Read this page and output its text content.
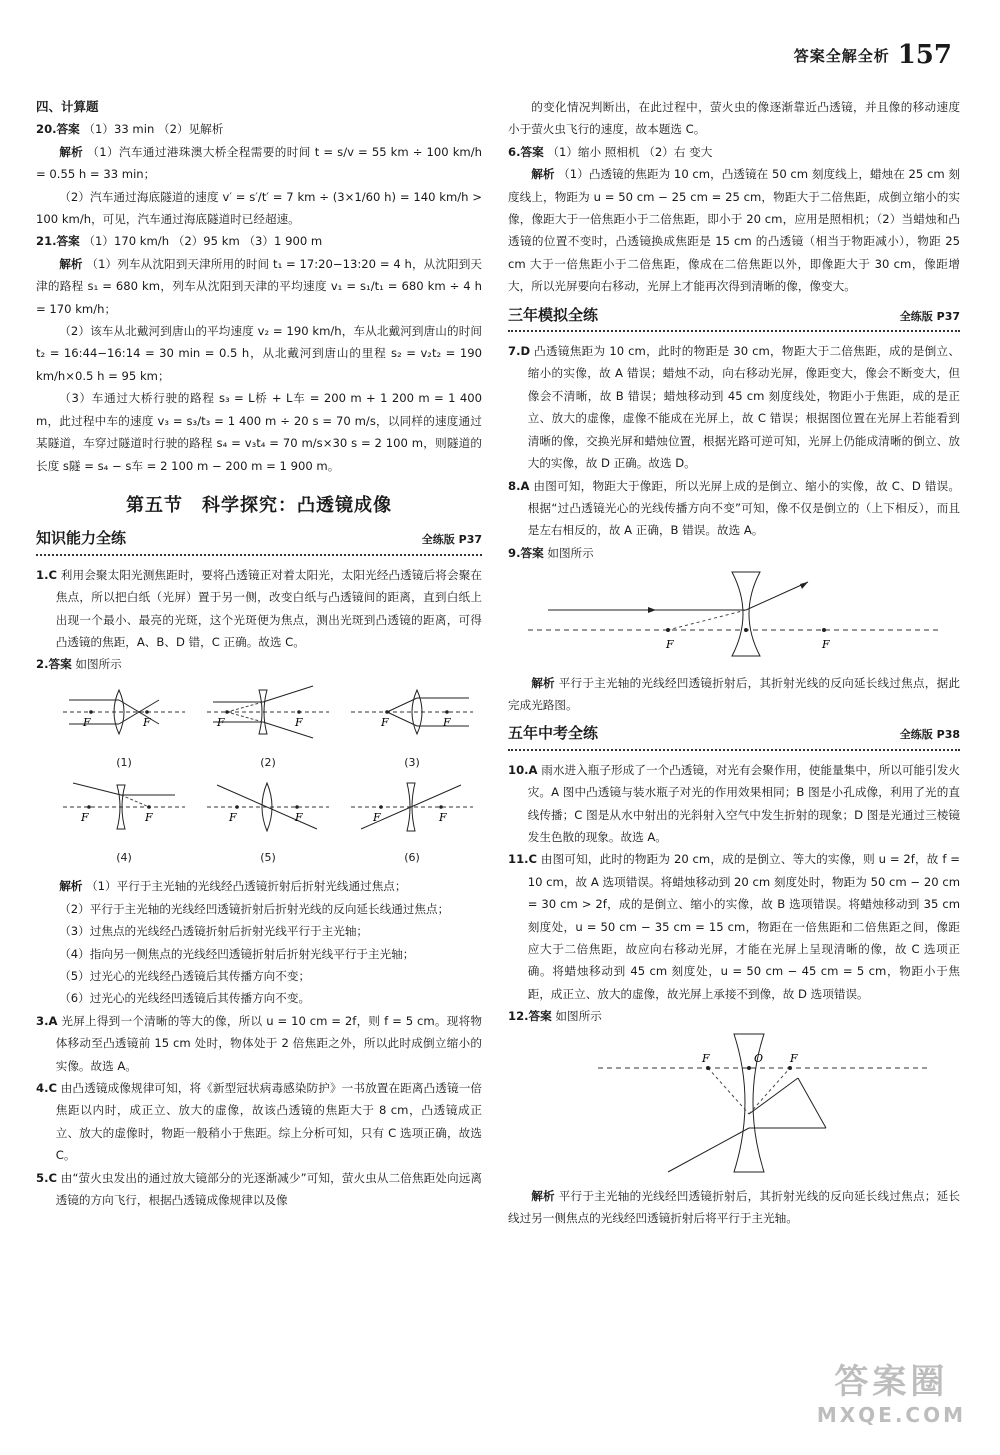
答案全解全析 157

四、计算题

20.答案 （1）33 min （2）见解析

解析 （1）汽车通过港珠澳大桥全程需要的时间 t = s/v = 55 km ÷ 100 km/h = 0.55 h = 33 min；

（2）汽车通过海底隧道的速度 v′ = s′/t′ = 7 km ÷ (3×1/60 h) = 140 km/h > 100 km/h，可见，汽车通过海底隧道时已经超速。

21.答案 （1）170 km/h （2）95 km （3）1 900 m

解析 （1）列车从沈阳到天津所用的时间 t₁ = 17:20−13:20 = 4 h，从沈阳到天津的路程 s₁ = 680 km，列车从沈阳到天津的平均速度 v₁ = s₁/t₁ = 680 km ÷ 4 h = 170 km/h；

（2）该车从北戴河到唐山的平均速度 v₂ = 190 km/h，车从北戴河到唐山的时间 t₂ = 16:44−16:14 = 30 min = 0.5 h，从北戴河到唐山的里程 s₂ = v₂t₂ = 190 km/h×0.5 h = 95 km；

（3）车通过大桥行驶的路程 s₃ = L桥 + L车 = 200 m + 1 200 m = 1 400 m，此过程中车的速度 v₃ = s₃/t₃ = 1 400 m ÷ 20 s = 70 m/s，以同样的速度通过某隧道，车穿过隧道时行驶的路程 s₄ = v₃t₄ = 70 m/s×30 s = 2 100 m，则隧道的长度 s隧 = s₄ − s车 = 2 100 m − 200 m = 1 900 m。

第五节　科学探究：凸透镜成像
知识能力全练	全练版 P37

1.C 利用会聚太阳光测焦距时，要将凸透镜正对着太阳光，太阳光经凸透镜后将会聚在焦点，所以把白纸（光屏）置于另一侧，改变白纸与凸透镜间的距离，直到白纸上出现一个最小、最亮的光斑，这个光斑便为焦点，测出光斑到凸透镜的距离，可得凸透镜的焦距，A、B、D 错，C 正确。故选 C。

2.答案 如图所示

F	F
(1)
F	F
(2)
F	F
(3)
F	F
(4)
F	F
(5)
F	F
(6)

解析 （1）平行于主光轴的光线经凸透镜折射后折射光线通过焦点；

（2）平行于主光轴的光线经凹透镜折射后折射光线的反向延长线通过焦点；

（3）过焦点的光线经凸透镜折射后折射光线平行于主光轴；

（4）指向另一侧焦点的光线经凹透镜折射后折射光线平行于主光轴；

（5）过光心的光线经凸透镜后其传播方向不变；

（6）过光心的光线经凹透镜后其传播方向不变。

3.A 光屏上得到一个清晰的等大的像，所以 u = 10 cm = 2f，则 f = 5 cm。现将物体移动至凸透镜前 15 cm 处时，物体处于 2 倍焦距之外，所以此时成倒立缩小的实像。故选 A。

4.C 由凸透镜成像规律可知，将《新型冠状病毒感染防护》一书放置在距离凸透镜一倍焦距以内时，成正立、放大的虚像，故该凸透镜的焦距大于 8 cm，凸透镜成正立、放大的虚像时，物距一般稍小于焦距。综上分析可知，只有 C 选项正确，故选 C。

5.C 由“萤火虫发出的通过放大镜部分的光逐渐减少”可知，萤火虫从二倍焦距处向远离透镜的方向飞行，根据凸透镜成像规律以及像

的变化情况判断出，在此过程中，萤火虫的像逐渐靠近凸透镜，并且像的移动速度小于萤火虫飞行的速度，故本题选 C。

6.答案 （1）缩小 照相机 （2）右 变大

解析 （1）凸透镜的焦距为 10 cm，凸透镜在 50 cm 刻度线上，蜡烛在 25 cm 刻度线上，物距为 u = 50 cm − 25 cm = 25 cm，物距大于二倍焦距，成倒立缩小的实像，像距大于一倍焦距小于二倍焦距，即小于 20 cm，应用是照相机；（2）当蜡烛和凸透镜的位置不变时，凸透镜换成焦距是 15 cm 的凸透镜（相当于物距减小），物距 25 cm 大于一倍焦距小于二倍焦距，像成在二倍焦距以外，即像距大于 30 cm，像距增大，所以光屏要向右移动，光屏上才能再次得到清晰的像，像变大。

三年模拟全练	全练版 P37

7.D 凸透镜焦距为 10 cm，此时的物距是 30 cm，物距大于二倍焦距，成的是倒立、缩小的实像，故 A 错误；蜡烛不动，向右移动光屏，像距变大，像会不断变大，但像会不清晰，故 B 错误；蜡烛移动到 45 cm 刻度线处，物距小于焦距，成的是正立、放大的虚像，虚像不能成在光屏上，故 C 错误；根据图位置在光屏上若能看到清晰的像，交换光屏和蜡烛位置，根据光路可逆可知，光屏上仍能成清晰的倒立、放大的实像，故 D 正确。故选 D。

8.A 由图可知，物距大于像距，所以光屏上成的是倒立、缩小的实像，故 C、D 错误。根据“过凸透镜光心的光线传播方向不变”可知，像不仅是倒立的（上下相反），而且是左右相反的，故 A 正确，B 错误。故选 A。

9.答案 如图所示

F	F

解析 平行于主光轴的光线经凹透镜折射后，其折射光线的反向延长线过焦点，据此完成光路图。

五年中考全练	全练版 P38

10.A 雨水进入瓶子形成了一个凸透镜，对光有会聚作用，使能量集中，所以可能引发火灾。A 图中凸透镜与装水瓶子对光的作用效果相同；B 图是小孔成像，利用了光的直线传播；C 图是从水中射出的光斜射入空气中发生折射的现象；D 图是光通过三棱镜发生色散的现象。故选 A。

11.C 由图可知，此时的物距为 20 cm，成的是倒立、等大的实像，则 u = 2f，故 f = 10 cm，故 A 选项错误。将蜡烛移动到 20 cm 刻度处时，物距为 50 cm − 20 cm = 30 cm > 2f，成的是倒立、缩小的实像，故 B 选项错误。将蜡烛移动到 35 cm 刻度处，u = 50 cm − 35 cm = 15 cm，物距在一倍焦距和二倍焦距之间，像距应大于二倍焦距，故应向右移动光屏，才能在光屏上呈现清晰的像，故 C 选项正确。将蜡烛移动到 45 cm 刻度处，u = 50 cm − 45 cm = 5 cm，物距小于焦距，成正立、放大的虚像，故光屏上承接不到像，故 D 选项错误。

12.答案 如图所示

F	O F

解析 平行于主光轴的光线经凹透镜折射后，其折射光线的反向延长线过焦点；延长线过另一侧焦点的光线经凹透镜折射后将平行于主光轴。

答案圈
MXQE.COM
